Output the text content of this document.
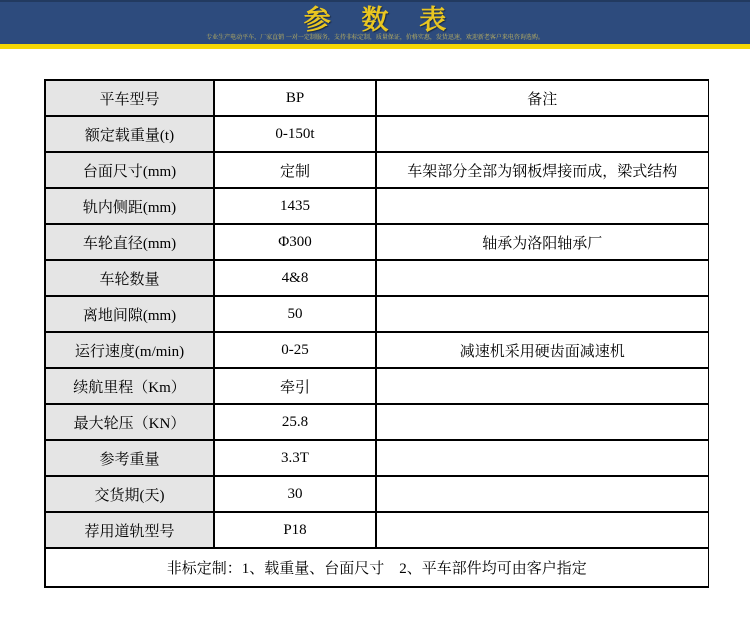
参 数 表
专业生产电动平车，厂家直销 一对一定制服务，支持非标定制，质量保证，价格实惠，发货迅速，欢迎新老客户来电咨询选购。
平车型号	BP	备注
额定载重量(t)	0-150t	
台面尺寸(mm)	定制	车架部分全部为钢板焊接而成，梁式结构
轨内侧距(mm)	1435	
车轮直径(mm)	Φ300	轴承为洛阳轴承厂
车轮数量	4&8	
离地间隙(mm)	50	
运行速度(m/min)	0-25	减速机采用硬齿面减速机
续航里程（Km）	牵引	
最大轮压（KN）	25.8	
参考重量	3.3T	
交货期(天)	30	
荐用道轨型号	P18	
非标定制：1、载重量、台面尺寸　2、平车部件均可由客户指定		
